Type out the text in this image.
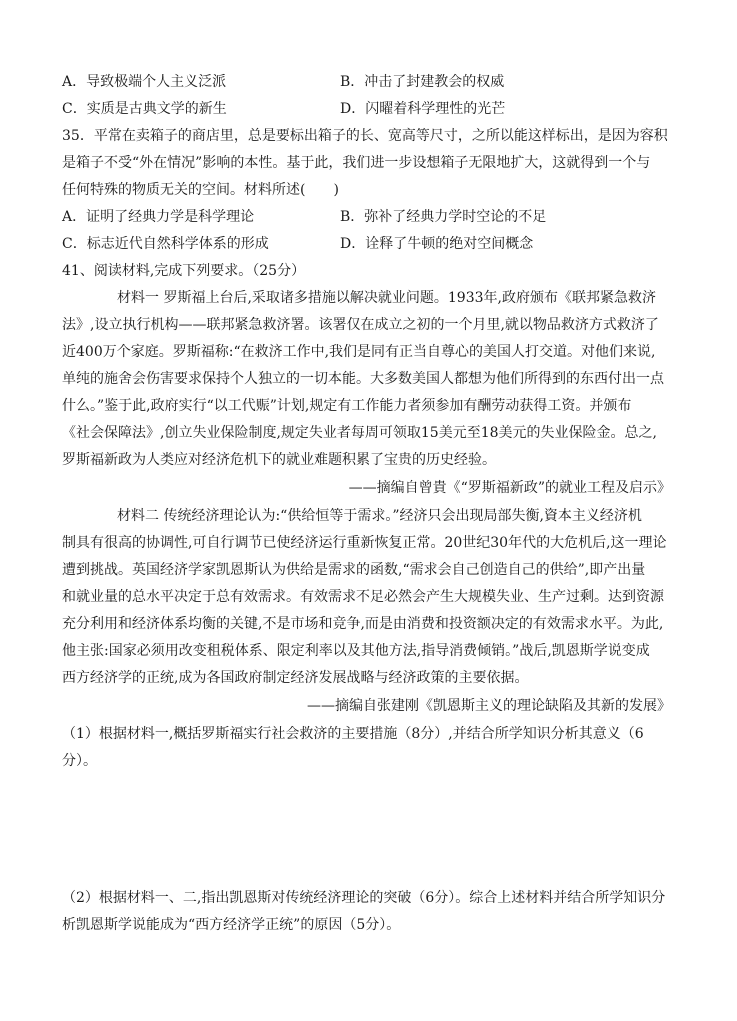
A．导致极端个人主义泛派	B．冲击了封建教会的权威
C．实质是古典文学的新生	D．闪曜着科学理性的光芒
35．平常在卖箱子的商店里，总是要标出箱子的长、宽高等尺寸，之所以能这样标出，是因为容积
是箱子不受“外在情况”影响的本性。基于此，我们进一步设想箱子无限地扩大，这就得到一个与
任何特殊的物质无关的空间。材料所述(　　)
A．证明了经典力学是科学理论	B．弥补了经典力学时空论的不足
C．标志近代自然科学体系的形成	D．诠释了牛顿的绝对空间概念
41、阅读材料,完成下列要求。（25分）
材料一 罗斯福上台后,采取诸多措施以解决就业问题。1933年,政府颁布《联邦紧急救济
法》,设立执行机构——联邦紧急救济署。该署仅在成立之初的一个月里,就以物品救济方式救济了
近400万个家庭。罗斯福称:“在救济工作中,我们是同有正当自尊心的美国人打交道。对他们来说,
单纯的施舍会伤害要求保持个人独立的一切本能。大多数美国人都想为他们所得到的东西付出一点
什么。”鉴于此,政府实行“以工代赈”计划,规定有工作能力者须参加有酬劳动获得工资。并颁布
《社会保障法》,创立失业保险制度,规定失业者每周可领取15美元至18美元的失业保险金。总之,
罗斯福新政为人类应对经济危机下的就业难题积累了宝贵的历史经验。
——摘编自曾貴《“罗斯福新政”的就业工程及启示》
材料二 传统经济理论认为:“供给恒等于需求。”经济只会出现局部失衡,資本主义经济机
制具有很高的协调性,可自行调节已使经济运行重新恢复正常。20世纪30年代的大危机后,这一理论
遭到挑战。英国经济学家凯恩斯认为供给是需求的函数,“需求会自己创造自己的供给”,即产出量
和就业量的总水平决定于总有效需求。有效需求不足必然会产生大规模失业、生产过剩。达到资源
充分利用和经济体系均衡的关键,不是市场和竞争,而是由消费和投资额决定的有效需求水平。为此,
他主张:国家必须用改变租税体系、限定利率以及其他方法,指导消费倾销。”战后,凯恩斯学说变成
西方经济学的正统,成为各国政府制定经济发展战略与经济政策的主要依据。
——摘编自张建刚《凯恩斯主义的理论缺陷及其新的发展》
（1）根据材料一,概括罗斯福实行社会救济的主要措施（8分）,并结合所学知识分析其意义（6
分）。
（2）根据材料一、二,指出凯恩斯对传统经济理论的突破（6分）。综合上述材料并结合所学知识分
析凯恩斯学说能成为“西方经济学正统”的原因（5分）。
